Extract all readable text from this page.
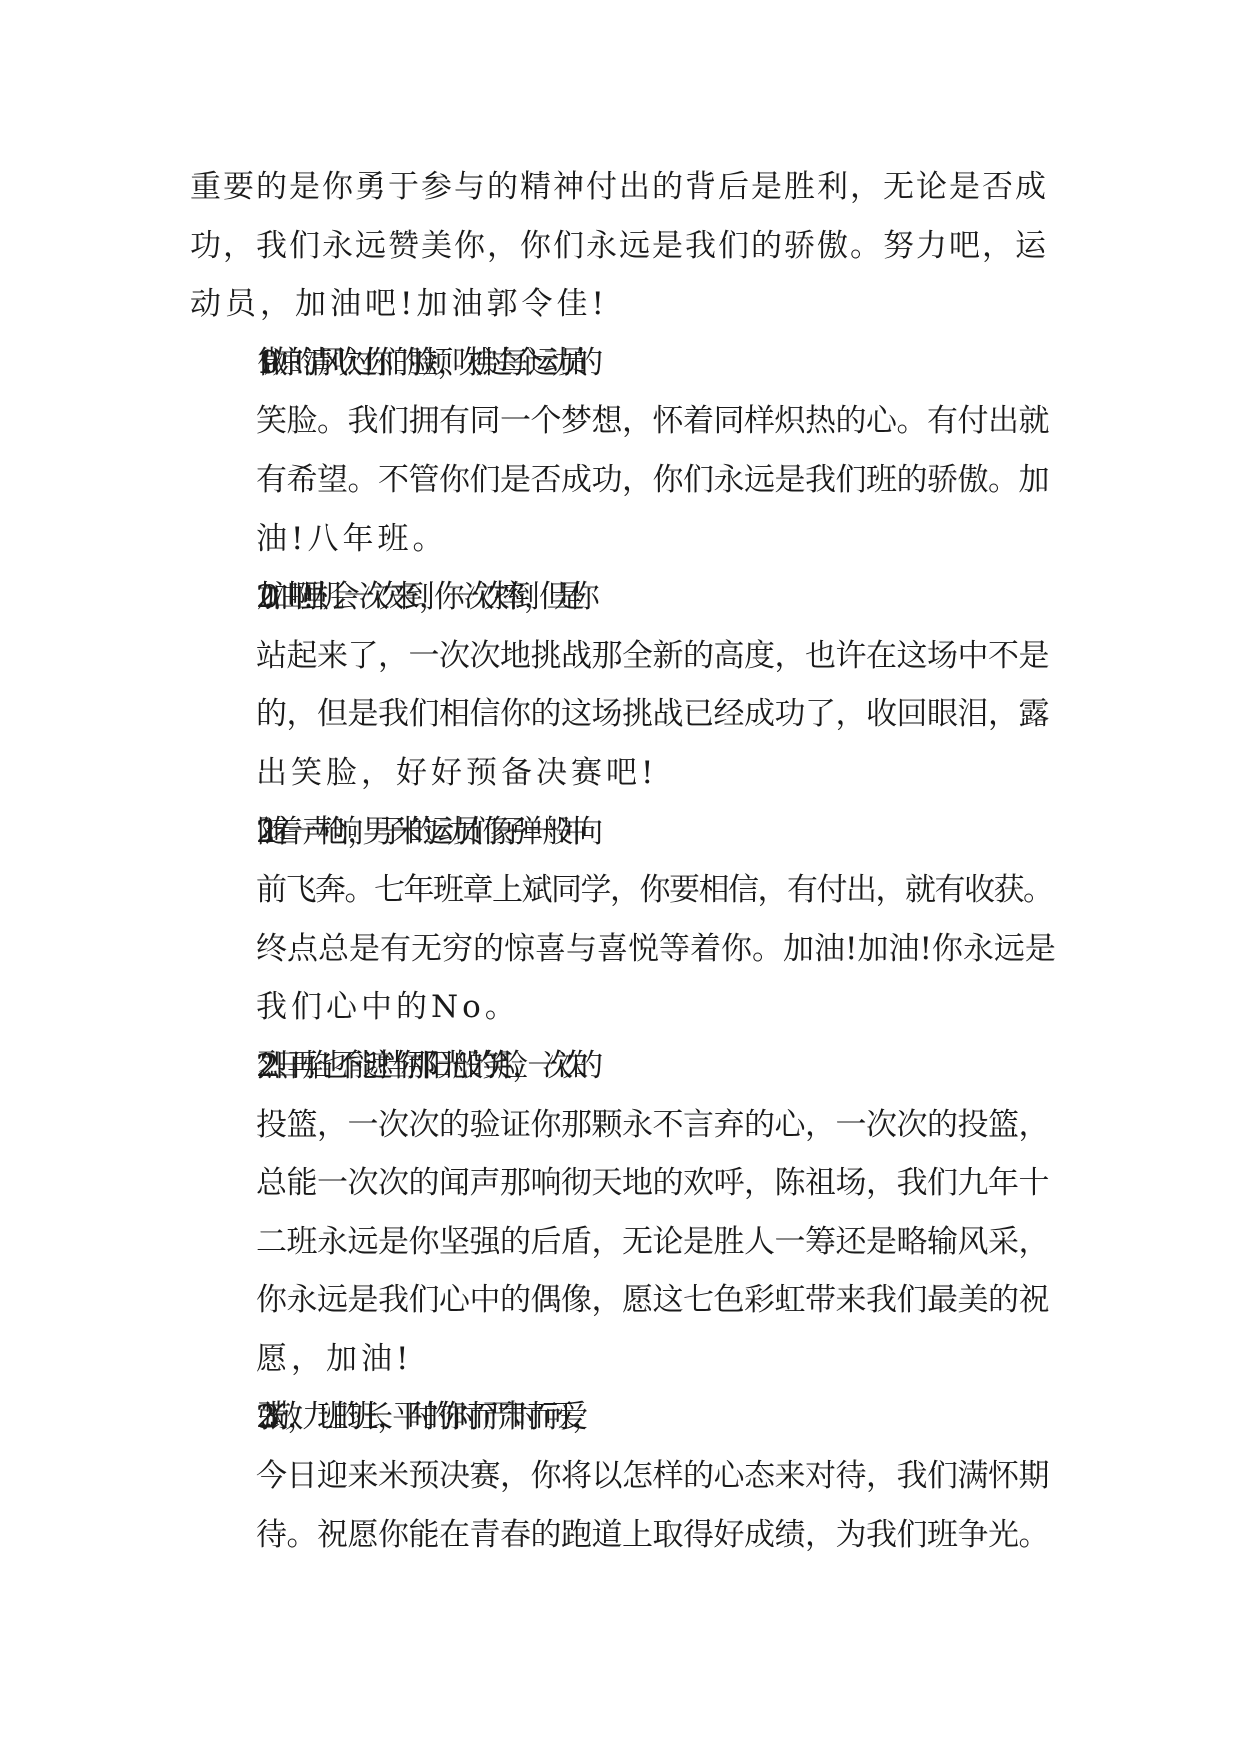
重要的是你勇于参与的精神付出的背后是胜利，无论是否成
功，我们永远赞美你，你们永远是我们的骄傲。努力吧，运
动员，加油吧!加油郭令佳!
19.微凉的清风吹过你们的脸颊，吹拂过每个运动员的
笑脸。我们拥有同一个梦想，怀着同样炽热的心。有付出就
有希望。不管你们是否成功，你们永远是我们班的骄傲。加
油!八年班。
20.加油啊!虽机会一次次来到，你一次次摔倒，但是你
站起来了，一次次地挑战那全新的高度，也许在这场中不是
的，但是我们相信你的这场挑战已经成功了，收回眼泪，露
出笑脸，好好预备决赛吧!
21.随着一声枪响，男子米的运动员们像子弹一般冲向
前飞奔。七年班章上斌同学，你要相信，有付出，就有收获。
终点总是有无穷的惊喜与喜悦等着你。加油!加油!你永远是
我们心中的No。
22.烈日再焰也不能遮挡你那阳光般的笑脸，一次次的
投篮，一次次的验证你那颗永不言弃的心，一次次的投篮，
总能一次次的闻声那响彻天地的欢呼，陈祖场，我们九年十
二班永远是你坚强的后盾，无论是胜人一筹还是略输风采，
你永远是我们心中的偶像，愿这七色彩虹带来我们最美的祝
愿，加油!
23.张敬，九班的班长，平时的你时而严肃时而可爱，
今日迎来米预决赛，你将以怎样的心态来对待，我们满怀期
待。祝愿你能在青春的跑道上取得好成绩，为我们班争光。
